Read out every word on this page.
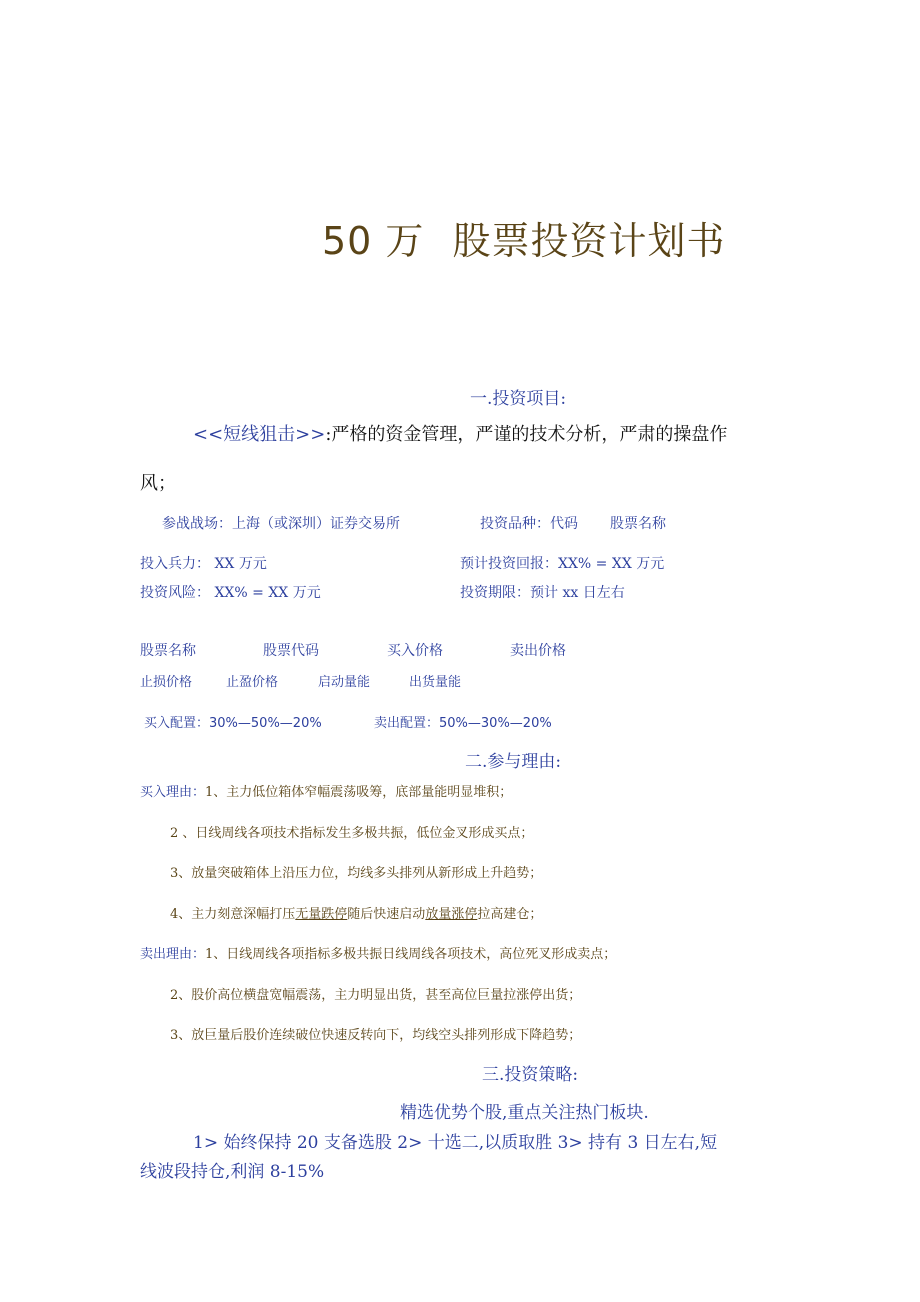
50 万 股票投资计划书
一.投资项目:
<<短线狙击>>:严格的资金管理，严谨的技术分析，严肃的操盘作
风；
参战战场：上海（或深圳）证券交易所	投资品种：代码 股票名称
投入兵力： XX 万元	预计投资回报：XX% = XX 万元
投资风险： XX% = XX 万元	投资期限：预计 xx 日左右
股票名称	股票代码	买入价格	卖出价格
止损价格	止盈价格	启动量能	出货量能
买入配置：30%—50%—20%	卖出配置：50%—30%—20%
二.参与理由:
买入理由：1、主力低位箱体窄幅震荡吸筹，底部量能明显堆积；
2 、日线周线各项技术指标发生多极共振，低位金叉形成买点；
3、放量突破箱体上沿压力位，均线多头排列从新形成上升趋势；
4、主力刻意深幅打压无量跌停随后快速启动放量涨停拉高建仓；
卖出理由：1、日线周线各项指标多极共振日线周线各项技术，高位死叉形成卖点；
2、股价高位横盘宽幅震荡，主力明显出货，甚至高位巨量拉涨停出货；
3、放巨量后股价连续破位快速反转向下，均线空头排列形成下降趋势；
三.投资策略:
精选优势个股,重点关注热门板块.
1> 始终保持 20 支备选股 2> 十选二,以质取胜 3> 持有 3 日左右,短
线波段持仓,利润 8-15%
